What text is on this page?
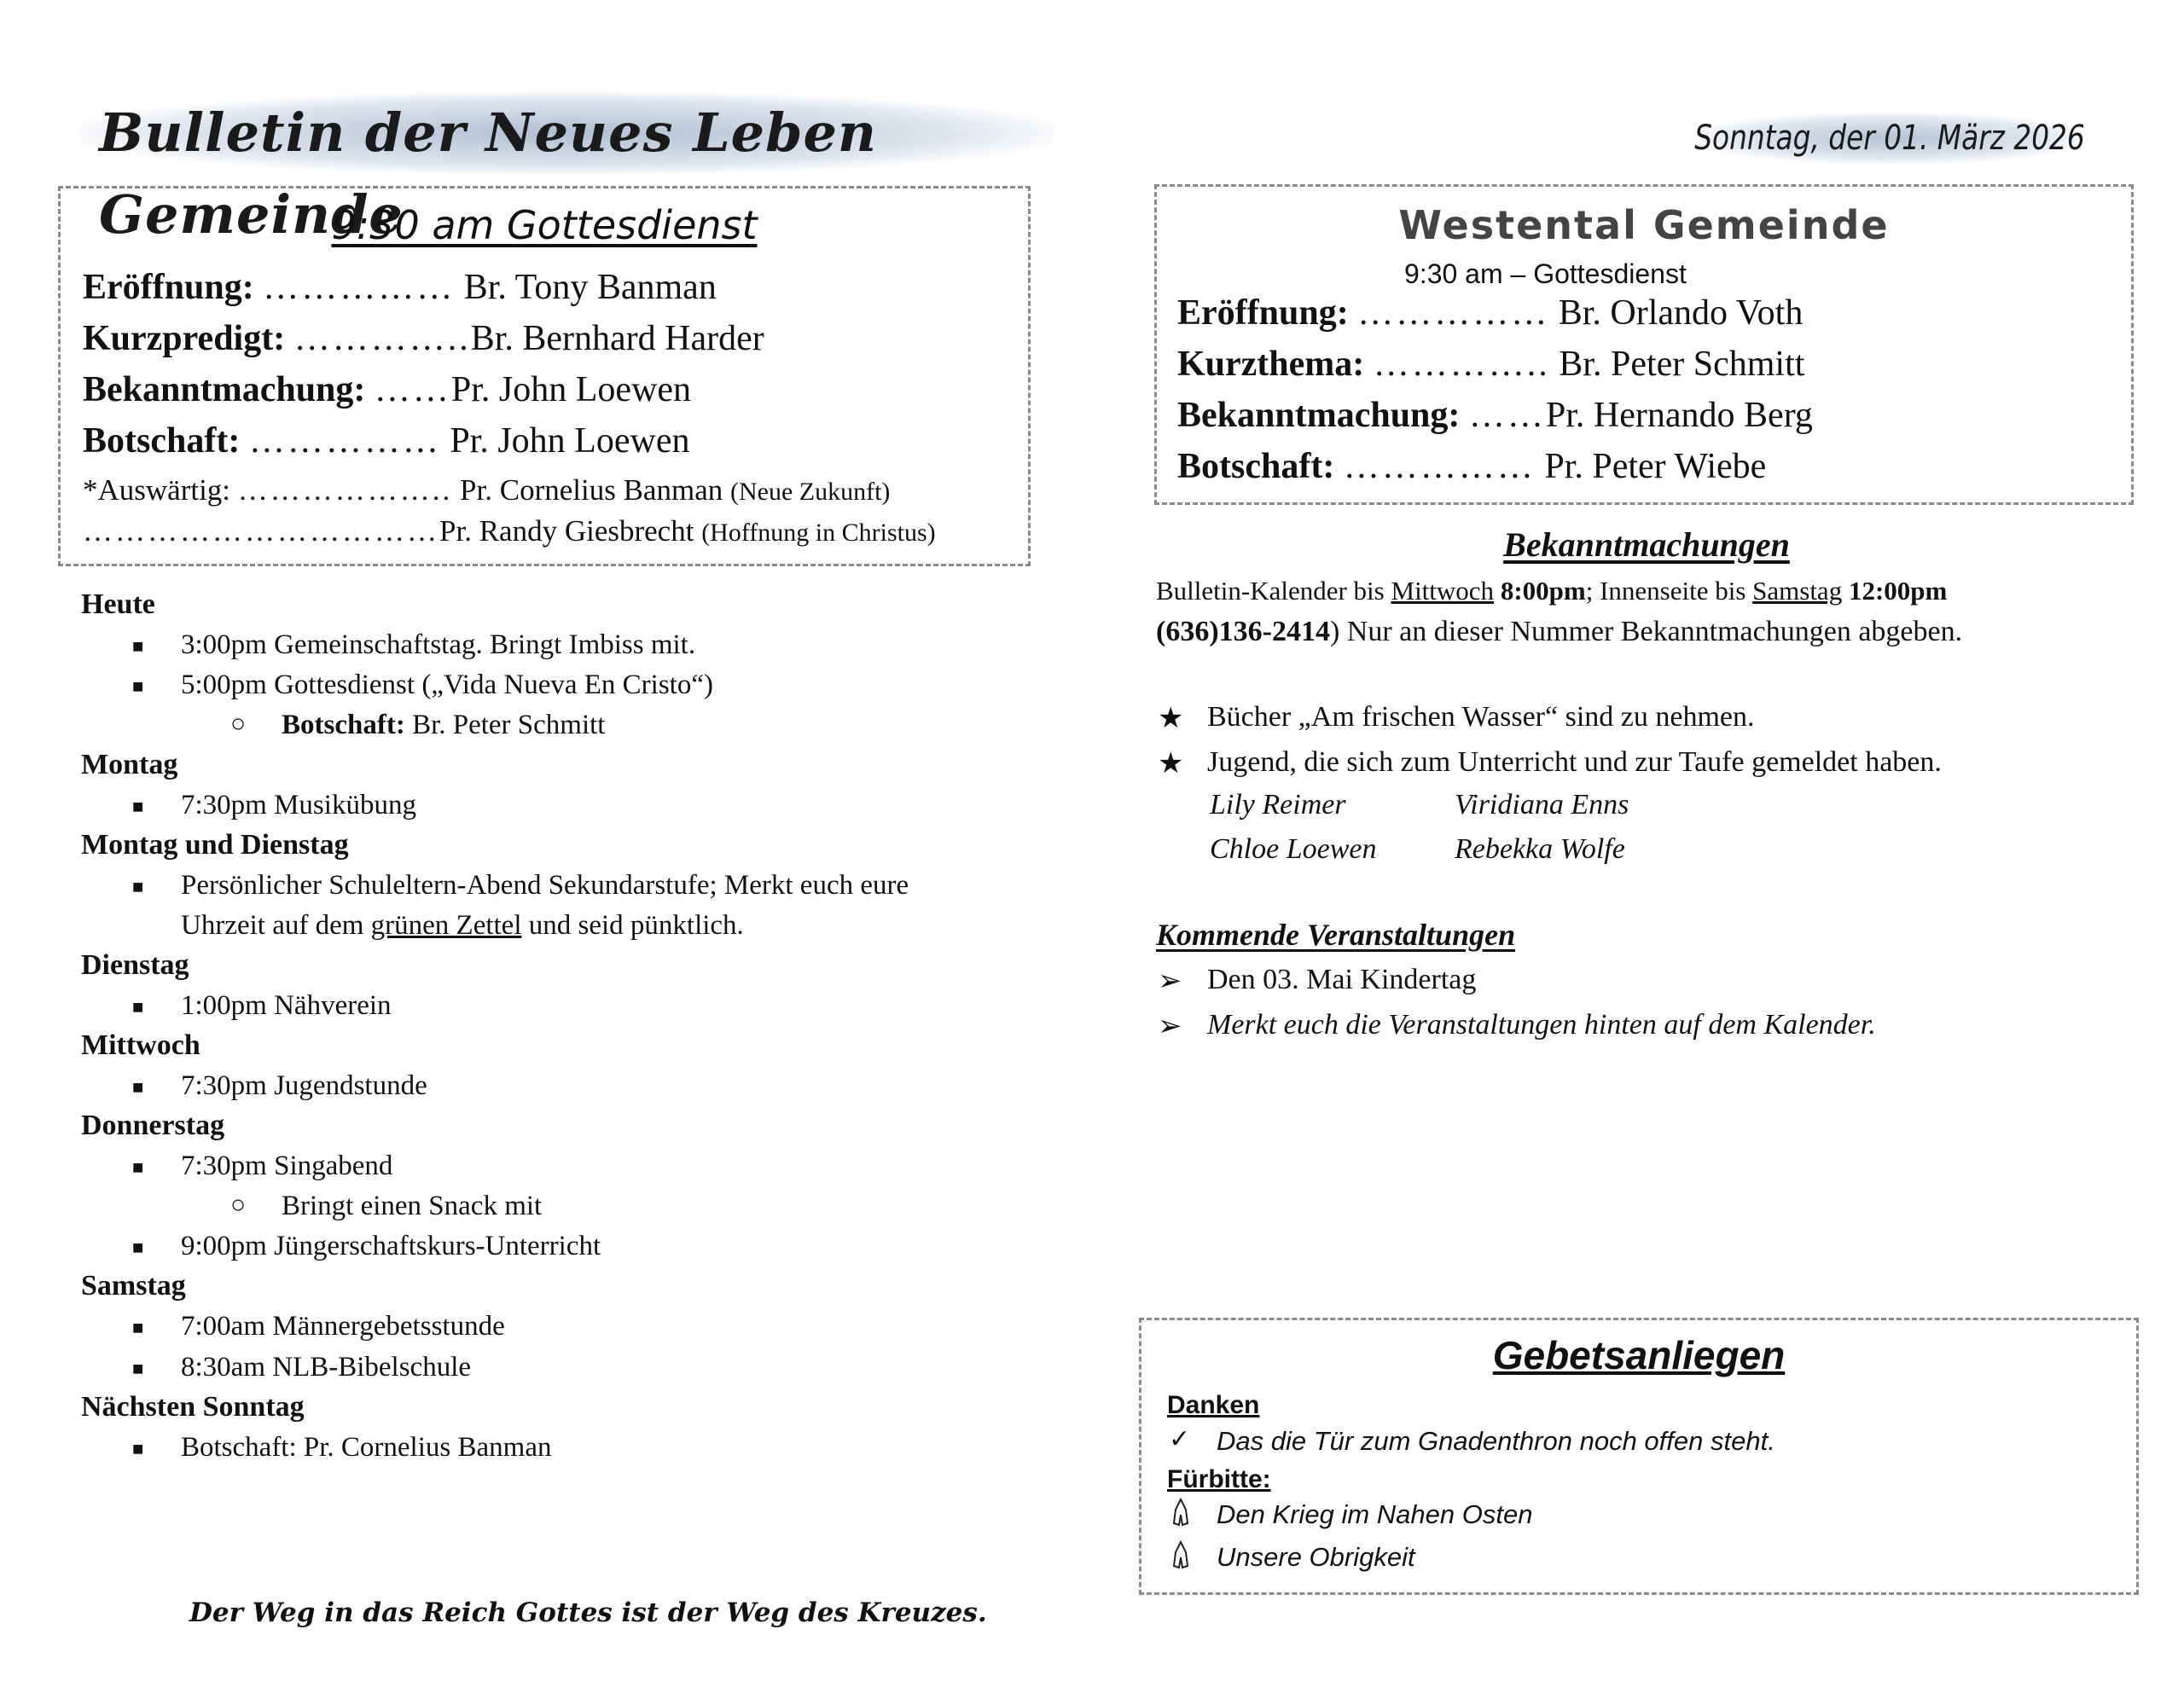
Bulletin der Neues Leben Gemeinde
Sonntag, der 01. März 2026
9:30 am Gottesdienst
Eröffnung: …………… Br. Tony Banman
Kurzpredigt: …………..Br. Bernhard Harder
Bekanntmachung: ……Pr. John Loewen
Botschaft: …………… Pr. John Loewen
*Auswärtig: ……………….. Pr. Cornelius Banman (Neue Zukunft)
……………………………Pr. Randy Giesbrecht (Hoffnung in Christus)
Westental Gemeinde
9:30 am – Gottesdienst
Eröffnung: …………… Br. Orlando Voth
Kurzthema: ………….. Br. Peter Schmitt
Bekanntmachung: ……Pr. Hernando Berg
Botschaft: …………… Pr. Peter Wiebe
Heute
■ 3:00pm Gemeinschaftstag. Bringt Imbiss mit.
■ 5:00pm Gottesdienst („Vida Nueva En Cristo“)
○ Botschaft: Br. Peter Schmitt
Montag
■ 7:30pm Musikübung
Montag und Dienstag
■ Persönlicher Schuleltern-Abend Sekundarstufe; Merkt euch eure
Uhrzeit auf dem grünen Zettel und seid pünktlich.
Dienstag
■ 1:00pm Nähverein
Mittwoch
■ 7:30pm Jugendstunde
Donnerstag
■ 7:30pm Singabend
○ Bringt einen Snack mit
■ 9:00pm Jüngerschaftskurs-Unterricht
Samstag
■ 7:00am Männergebetsstunde
■ 8:30am NLB-Bibelschule
Nächsten Sonntag
■ Botschaft: Pr. Cornelius Banman
Bekanntmachungen
Bulletin-Kalender bis Mittwoch 8:00pm; Innenseite bis Samstag 12:00pm
(636)136-2414) Nur an dieser Nummer Bekanntmachungen abgeben.
★ Bücher „Am frischen Wasser“ sind zu nehmen.
★ Jugend, die sich zum Unterricht und zur Taufe gemeldet haben.
Lily Reimer	Viridiana Enns
Chloe Loewen	Rebekka Wolfe
Kommende Veranstaltungen
➢ Den 03. Mai Kindertag
➢ Merkt euch die Veranstaltungen hinten auf dem Kalender.
Gebetsanliegen
Danken
✓ Das die Tür zum Gnadenthron noch offen steht.
Fürbitte:
Den Krieg im Nahen Osten
Unsere Obrigkeit
Der Weg in das Reich Gottes ist der Weg des Kreuzes.
